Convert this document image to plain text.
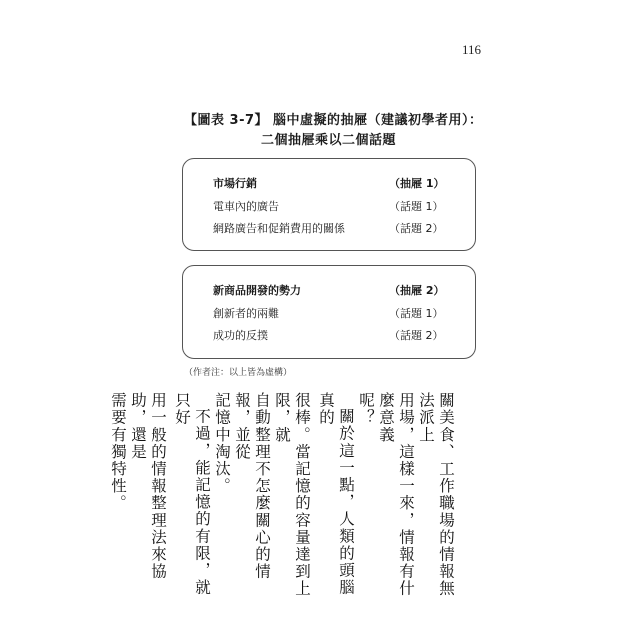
116
【圖表 3-7】 腦中虛擬的抽屜（建議初學者用）：
二個抽屜乘以二個話題
市場行銷	（抽屜 1）
電車內的廣告	（話題 1）
網路廣告和促銷費用的關係	（話題 2）
新商品開發的勢力	（抽屜 2）
創新者的兩難	（話題 1）
成功的反撲	（話題 2）
（作者注：以上皆為虛構）

關美食、工作職場的情報無法派上

用場，這樣一來，情報有什麼意義

呢？

關於這一點，人類的頭腦真的

很棒。當記憶的容量達到上限，就

自動整理不怎麼關心的情報，並從

記憶中淘汰。

不過，能記憶的有限，就只好

用一般的情報整理法來協助，還是

需要有獨特性。
